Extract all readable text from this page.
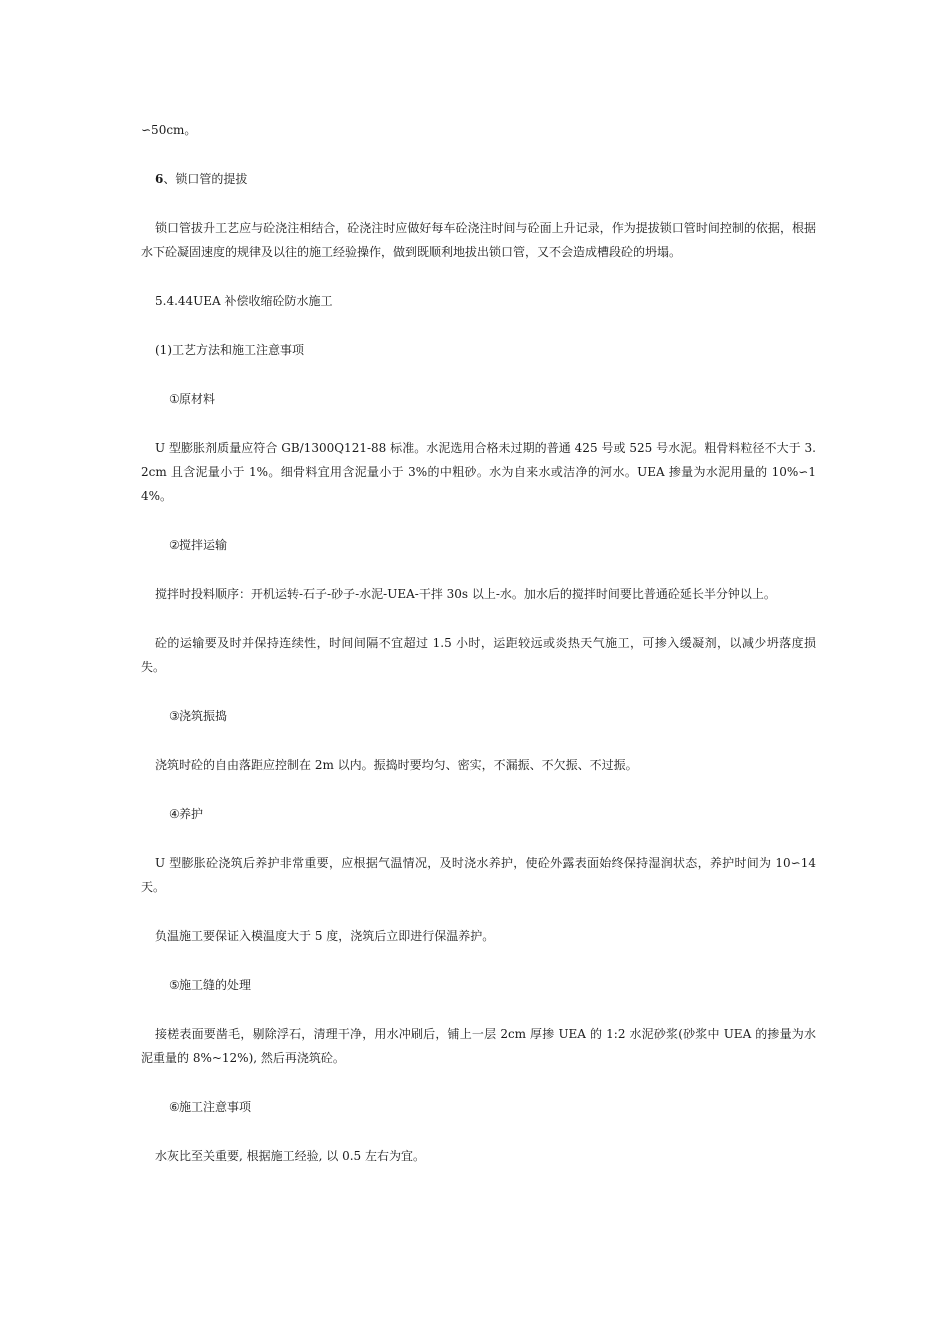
∽50cm。

6、锁口管的提拔

锁口管拔升工艺应与砼浇注相结合，砼浇注时应做好每车砼浇注时间与砼面上升记录，作为提拔锁口管时间控制的依据，根据水下砼凝固速度的规律及以往的施工经验操作，做到既顺利地拔出锁口管，又不会造成槽段砼的坍塌。

5.4.44UEA 补偿收缩砼防水施工

(1)工艺方法和施工注意事项

①原材料

U 型膨胀剂质量应符合 GB/1300Q121-88 标准。水泥选用合格未过期的普通 425 号或 525 号水泥。粗骨料粒径不大于 3.2cm 且含泥量小于 1%。细骨料宜用含泥量小于 3%的中粗砂。水为自来水或洁净的河水。UEA 掺量为水泥用量的 10%∽14%。

②搅拌运输

搅拌时投料顺序：开机运转-石子-砂子-水泥-UEA-干拌 30s 以上-水。加水后的搅拌时间要比普通砼延长半分钟以上。

砼的运输要及时并保持连续性，时间间隔不宜超过 1.5 小时，运距较远或炎热天气施工，可掺入缓凝剂，以减少坍落度损失。

③浇筑振捣

浇筑时砼的自由落距应控制在 2m 以内。振捣时要均匀、密实，不漏振、不欠振、不过振。

④养护

U 型膨胀砼浇筑后养护非常重要，应根据气温情况，及时浇水养护，使砼外露表面始终保持湿润状态，养护时间为 10∽14 天。

负温施工要保证入模温度大于 5 度，浇筑后立即进行保温养护。

⑤施工缝的处理

接槎表面要凿毛，剔除浮石，清理干净，用水冲刷后，铺上一层 2cm 厚掺 UEA 的 1:2 水泥砂浆(砂浆中 UEA 的掺量为水泥重量的 8%~12%), 然后再浇筑砼。

⑥施工注意事项

水灰比至关重要, 根据施工经验, 以 0.5 左右为宜。
